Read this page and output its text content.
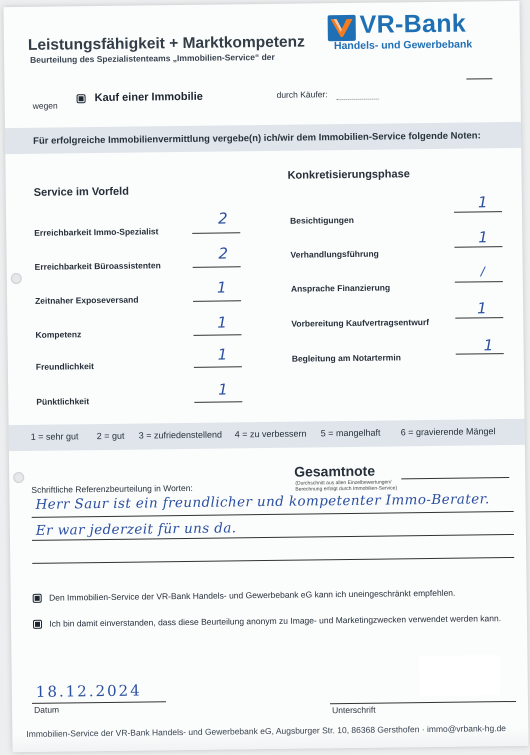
Leistungsfähigkeit + Marktkompetenz
Beurteilung des Spezialistenteams „Immobilien-Service“ der
VR-Bank
Handels- und Gewerbebank
wegen
Kauf einer Immobilie	durch Käufer:
Für erfolgreiche Immobilienvermittlung vergebe(n) ich/wir dem Immobilien-Service folgende Noten:
Service im Vorfeld
Erreichbarkeit Immo-Spezialist
2
Erreichbarkeit Büroassistenten
2
Zeitnaher Exposeversand
1
Kompetenz
1
Freundlichkeit
1
Pünktlichkeit
1
Konkretisierungsphase
Besichtigungen
1
Verhandlungsführung
1
Ansprache Finanzierung
/
Vorbereitung Kaufvertragsentwurf
1
Begleitung am Notartermin
1
1 = sehr gut 2 = gut 3 = zufriedenstellend 4 = zu verbessern 5 = mangelhaft 6 = gravierende Mängel
Gesamtnote
(Durchschnitt aus allen Einzelbewertungen/ Berechnung erfolgt durch Immobilien-Service)
Schriftliche Referenzbeurteilung in Worten:
Herr Saur ist ein freundlicher und kompetenter Immo-Berater.
Er war jederzeit für uns da.
Den Immobilien-Service der VR-Bank Handels- und Gewerbebank eG kann ich uneingeschränkt empfehlen.
Ich bin damit einverstanden, dass diese Beurteilung anonym zu Image- und Marketingzwecken verwendet werden kann.
18.12.2024
Datum	Unterschrift
Immobilien-Service der VR-Bank Handels- und Gewerbebank eG, Augsburger Str. 10, 86368 Gersthofen · immo@vrbank-hg.de
